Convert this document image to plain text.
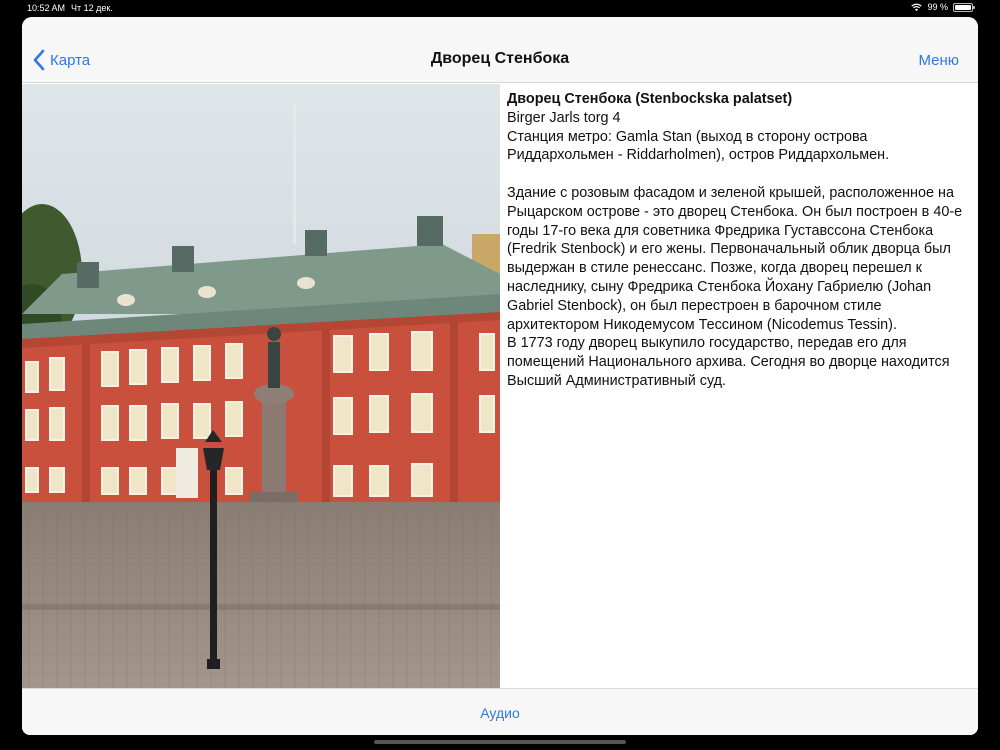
10:52 AM Чт 12 дек.	99 %
Карта	Дворец Стенбока	Меню
Дворец Стенбока (Stenbockska palatset)
Birger Jarls torg 4
Станция метро: Gamla Stan (выход в сторону острова Риддархольмен - Riddarholmen), остров Риддархольмен.
Здание с розовым фасадом и зеленой крышей, расположенное на Рыцарском острове - это дворец Стенбока. Он был построен в 40-е годы 17-го века для советника Фредрика Густавссона Стенбока (Fredrik Stenbock) и его жены. Первоначальный облик дворца был выдержан в стиле ренессанс. Позже, когда дворец перешел к наследнику, сыну Фредрика Стенбока Йохану Габриелю (Johan Gabriel Stenbock), он был перестроен в барочном стиле архитектором Никодемусом Тессином (Nicodemus Tessin).
В 1773 году дворец выкупило государство, передав его для помещений Национального архива. Сегодня во дворце находится Высший Административный суд.
Аудио
